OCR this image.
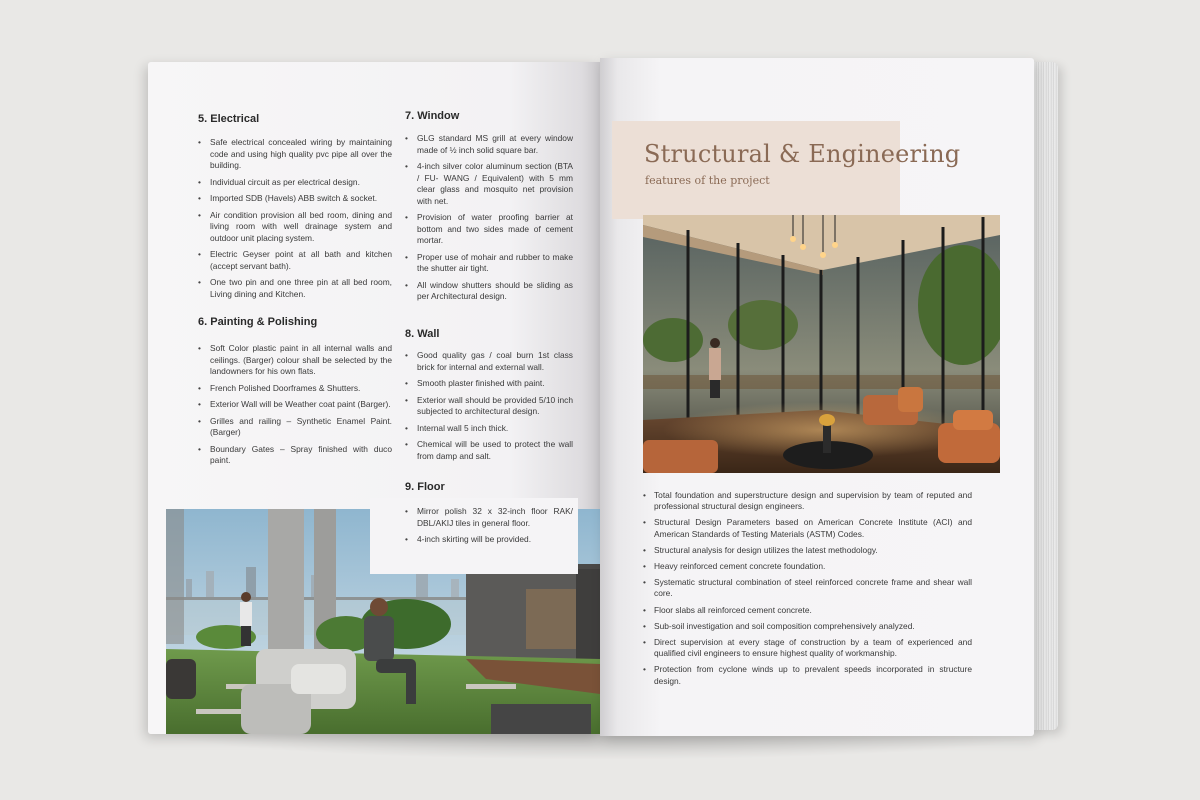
5. Electrical
• Safe electrical concealed wiring by maintaining code and using high quality pvc pipe all over the building.
• Individual circuit as per electrical design.
• Imported SDB (Havels) ABB switch & socket.
• Air condition provision all bed room, dining and living room with well drainage system and outdoor unit placing system.
• Electric Geyser point at all bath and kitchen (accept servant bath).
• One two pin and one three pin at all bed room, Living dining and Kitchen.
6. Painting & Polishing
• Soft Color plastic paint in all internal walls and ceilings. (Barger) colour shall be selected by the landowners for his own flats.
• French Polished Doorframes & Shutters.
• Exterior Wall will be Weather coat paint (Barger).
• Grilles and railing – Synthetic Enamel Paint. (Barger)
• Boundary Gates – Spray finished with duco paint.
7. Window
• GLG standard MS grill at every window made of ½ inch solid square bar.
• 4-inch silver color aluminum section (BTA / FU- WANG / Equivalent) with 5 mm clear glass and mosquito net provision with net.
• Provision of water proofing barrier at bottom and two sides made of cement mortar.
• Proper use of mohair and rubber to make the shutter air tight.
• All window shutters should be sliding as per Architectural design.
8. Wall
• Good quality gas / coal burn 1st class brick for internal and external wall.
• Smooth plaster finished with paint.
• Exterior wall should be provided 5/10 inch subjected to architectural design.
• Internal wall 5 inch thick.
• Chemical will be used to protect the wall from damp and salt.
9. Floor
• Mirror polish 32 x 32-inch floor RAK/ DBL/AKIJ tiles in general floor.
• 4-inch skirting will be provided.
Structural & Engineering
features of the project
• Total foundation and superstructure design and supervision by team of reputed and professional structural design engineers.
• Structural Design Parameters based on American Concrete Institute (ACI) and American Standards of Testing Materials (ASTM) Codes.
• Structural analysis for design utilizes the latest methodology.
• Heavy reinforced cement concrete foundation.
• Systematic structural combination of steel reinforced concrete frame and shear wall core.
• Floor slabs all reinforced cement concrete.
• Sub-soil investigation and soil composition comprehensively analyzed.
• Direct supervision at every stage of construction by a team of experienced and qualified civil engineers to ensure highest quality of workmanship.
• Protection from cyclone winds up to prevalent speeds incorporated in structure design.
